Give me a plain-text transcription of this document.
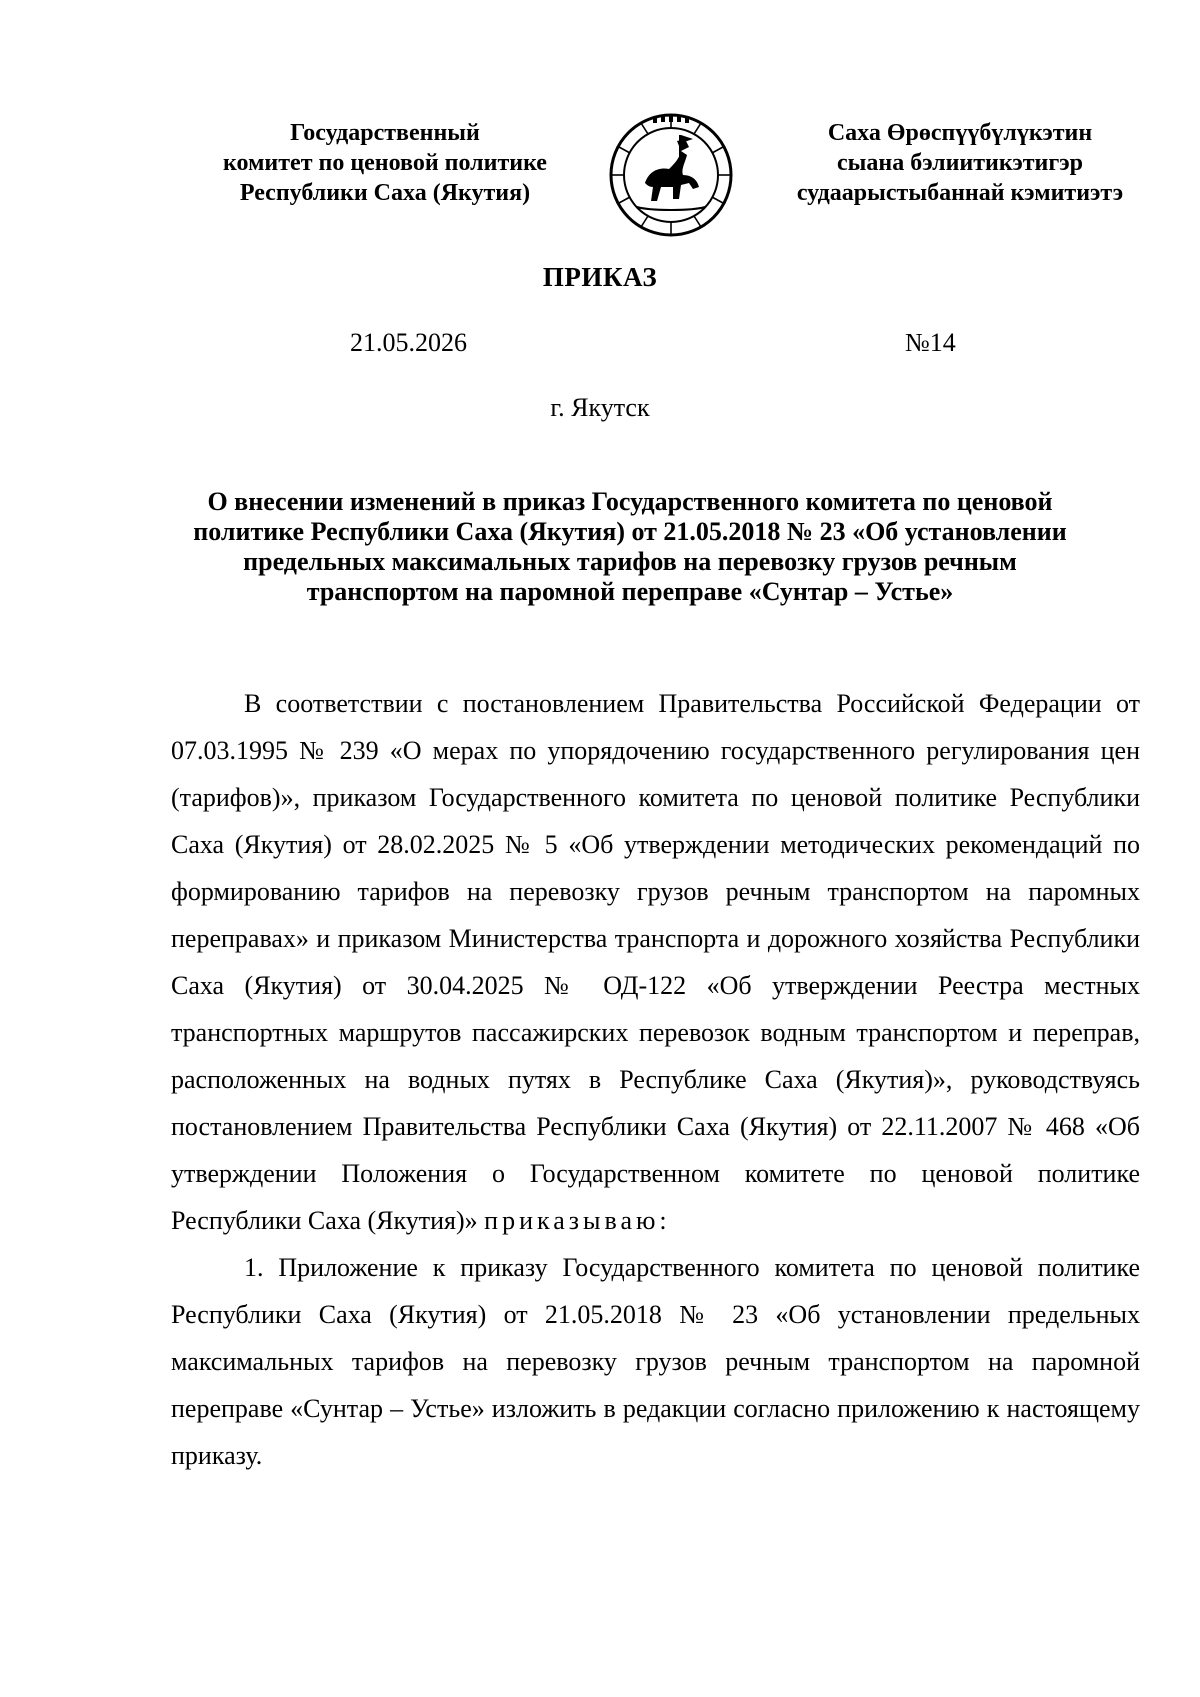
Государственный
комитет по ценовой политике
Республики Саха (Якутия)
Саха Өрөспүүбүлүкэтин
сыана бэлиитикэтигэр
судаарыстыбаннай кэмитиэтэ
ПРИКАЗ
21.05.2026	№14
г. Якутск
О внесении изменений в приказ Государственного комитета по ценовой политике Республики Саха (Якутия) от 21.05.2018 № 23 «Об установлении предельных максимальных тарифов на перевозку грузов речным транспортом на паромной переправе «Сунтар – Устье»

В соответствии с постановлением Правительства Российской Федерации от 07.03.1995 № 239 «О мерах по упорядочению государственного регулирования цен (тарифов)», приказом Государственного комитета по ценовой политике Республики Саха (Якутия) от 28.02.2025 № 5 «Об утверждении методических рекомендаций по формированию тарифов на перевозку грузов речным транспортом на паромных переправах» и приказом Министерства транспорта и дорожного хозяйства Республики Саха (Якутия) от 30.04.2025 № ОД-122 «Об утверждении Реестра местных транспортных маршрутов пассажирских перевозок водным транспортом и переправ, расположенных на водных путях в Республике Саха (Якутия)», руководствуясь постановлением Правительства Республики Саха (Якутия) от 22.11.2007 № 468 «Об утверждении Положения о Государственном комитете по ценовой политике Республики Саха (Якутия)» приказываю:

1. Приложение к приказу Государственного комитета по ценовой политике Республики Саха (Якутия) от 21.05.2018 № 23 «Об установлении предельных максимальных тарифов на перевозку грузов речным транспортом на паромной переправе «Сунтар – Устье» изложить в редакции согласно приложению к настоящему приказу.
